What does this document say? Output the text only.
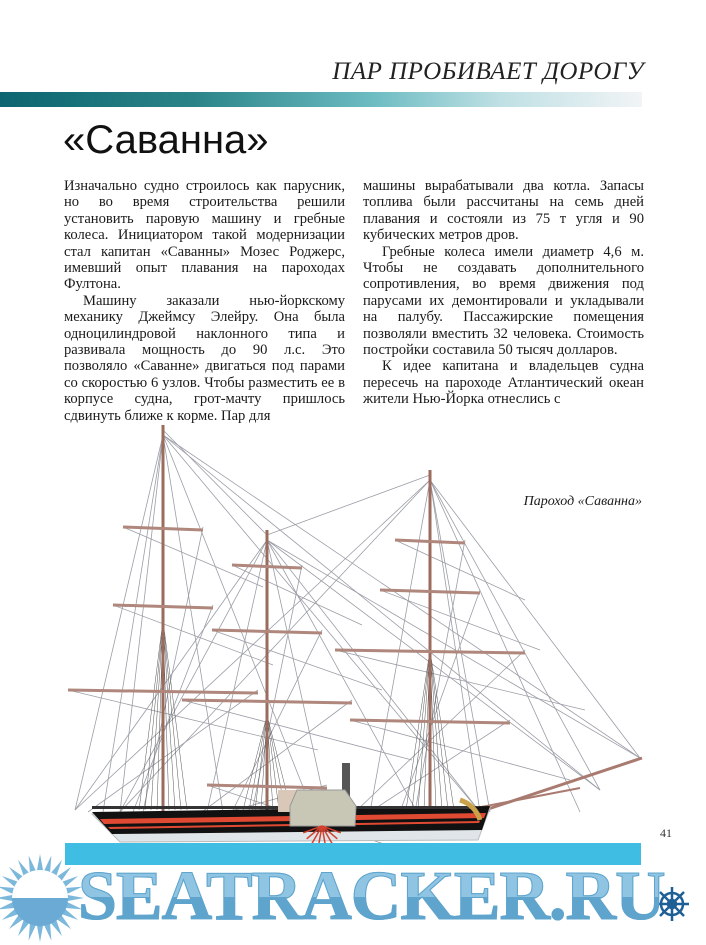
ПАР ПРОБИВАЕТ ДОРОГУ
«Саванна»

Изначально судно строилось как парусник, но во время строительства решили установить паровую машину и гребные колеса. Инициатором такой модернизации стал капитан «Саванны» Мозес Роджерс, имевший опыт плавания на пароходах Фултона.

Машину заказали нью-йоркскому механику Джеймсу Элейру. Она была одноцилиндровой наклонного типа и развивала мощность до 90 л.с. Это позволяло «Саванне» двигаться под парами со скоростью 6 узлов. Чтобы разместить ее в корпусе судна, грот-мачту пришлось сдвинуть ближе к корме. Пар для

машины вырабатывали два котла. Запасы топлива были рассчитаны на семь дней плавания и состояли из 75 т угля и 90 кубических метров дров.

Гребные колеса имели диаметр 4,6 м. Чтобы не создавать дополнительного сопротивления, во время движения под парусами их демонтировали и укладывали на палубу. Пассажирские помещения позволяли вместить 32 человека. Стоимость постройки составила 50 тысяч долларов.

К идее капитана и владельцев судна пересечь на пароходе Атлантический океан жители Нью-Йорка отнеслись с

Пароход «Саванна»
SEATRACKER.RU
41
